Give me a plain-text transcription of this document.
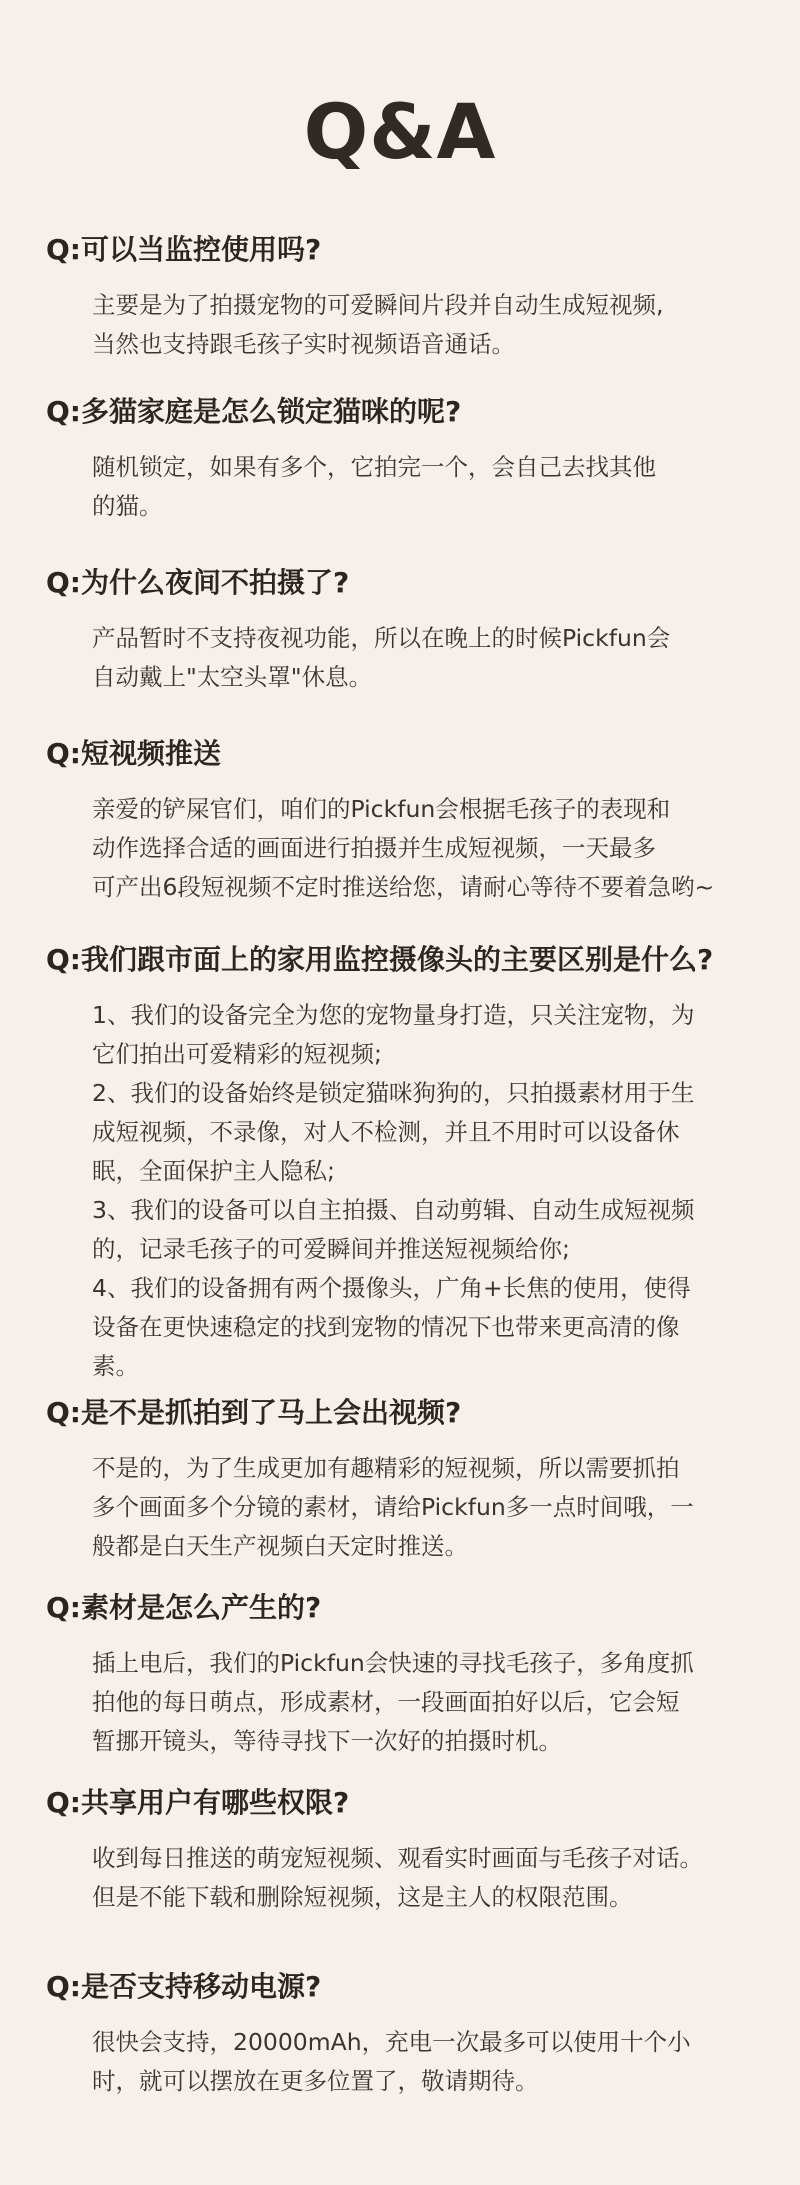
Q&A

Q:可以当监控使用吗?

主要是为了拍摄宠物的可爱瞬间片段并自动生成短视频,
当然也支持跟毛孩子实时视频语音通话。

Q:多猫家庭是怎么锁定猫咪的呢?

随机锁定，如果有多个，它拍完一个，会自己去找其他
的猫。

Q:为什么夜间不拍摄了?

产品暂时不支持夜视功能，所以在晚上的时候Pickfun会
自动戴上"太空头罩"休息。

Q:短视频推送

亲爱的铲屎官们，咱们的Pickfun会根据毛孩子的表现和
动作选择合适的画面进行拍摄并生成短视频，一天最多
可产出6段短视频不定时推送给您，请耐心等待不要着急哟~

Q:我们跟市面上的家用监控摄像头的主要区别是什么?

1、我们的设备完全为您的宠物量身打造，只关注宠物，为
它们拍出可爱精彩的短视频;
2、我们的设备始终是锁定猫咪狗狗的，只拍摄素材用于生
成短视频，不录像，对人不检测，并且不用时可以设备休
眠，全面保护主人隐私;
3、我们的设备可以自主拍摄、自动剪辑、自动生成短视频
的，记录毛孩子的可爱瞬间并推送短视频给你;
4、我们的设备拥有两个摄像头，广角+长焦的使用，使得
设备在更快速稳定的找到宠物的情况下也带来更高清的像
素。

Q:是不是抓拍到了马上会出视频?

不是的，为了生成更加有趣精彩的短视频，所以需要抓拍
多个画面多个分镜的素材，请给Pickfun多一点时间哦，一
般都是白天生产视频白天定时推送。

Q:素材是怎么产生的?

插上电后，我们的Pickfun会快速的寻找毛孩子，多角度抓
拍他的每日萌点，形成素材，一段画面拍好以后，它会短
暂挪开镜头，等待寻找下一次好的拍摄时机。

Q:共享用户有哪些权限?

收到每日推送的萌宠短视频、观看实时画面与毛孩子对话。
但是不能下载和删除短视频，这是主人的权限范围。

Q:是否支持移动电源?

很快会支持，20000mAh，充电一次最多可以使用十个小
时，就可以摆放在更多位置了，敬请期待。
